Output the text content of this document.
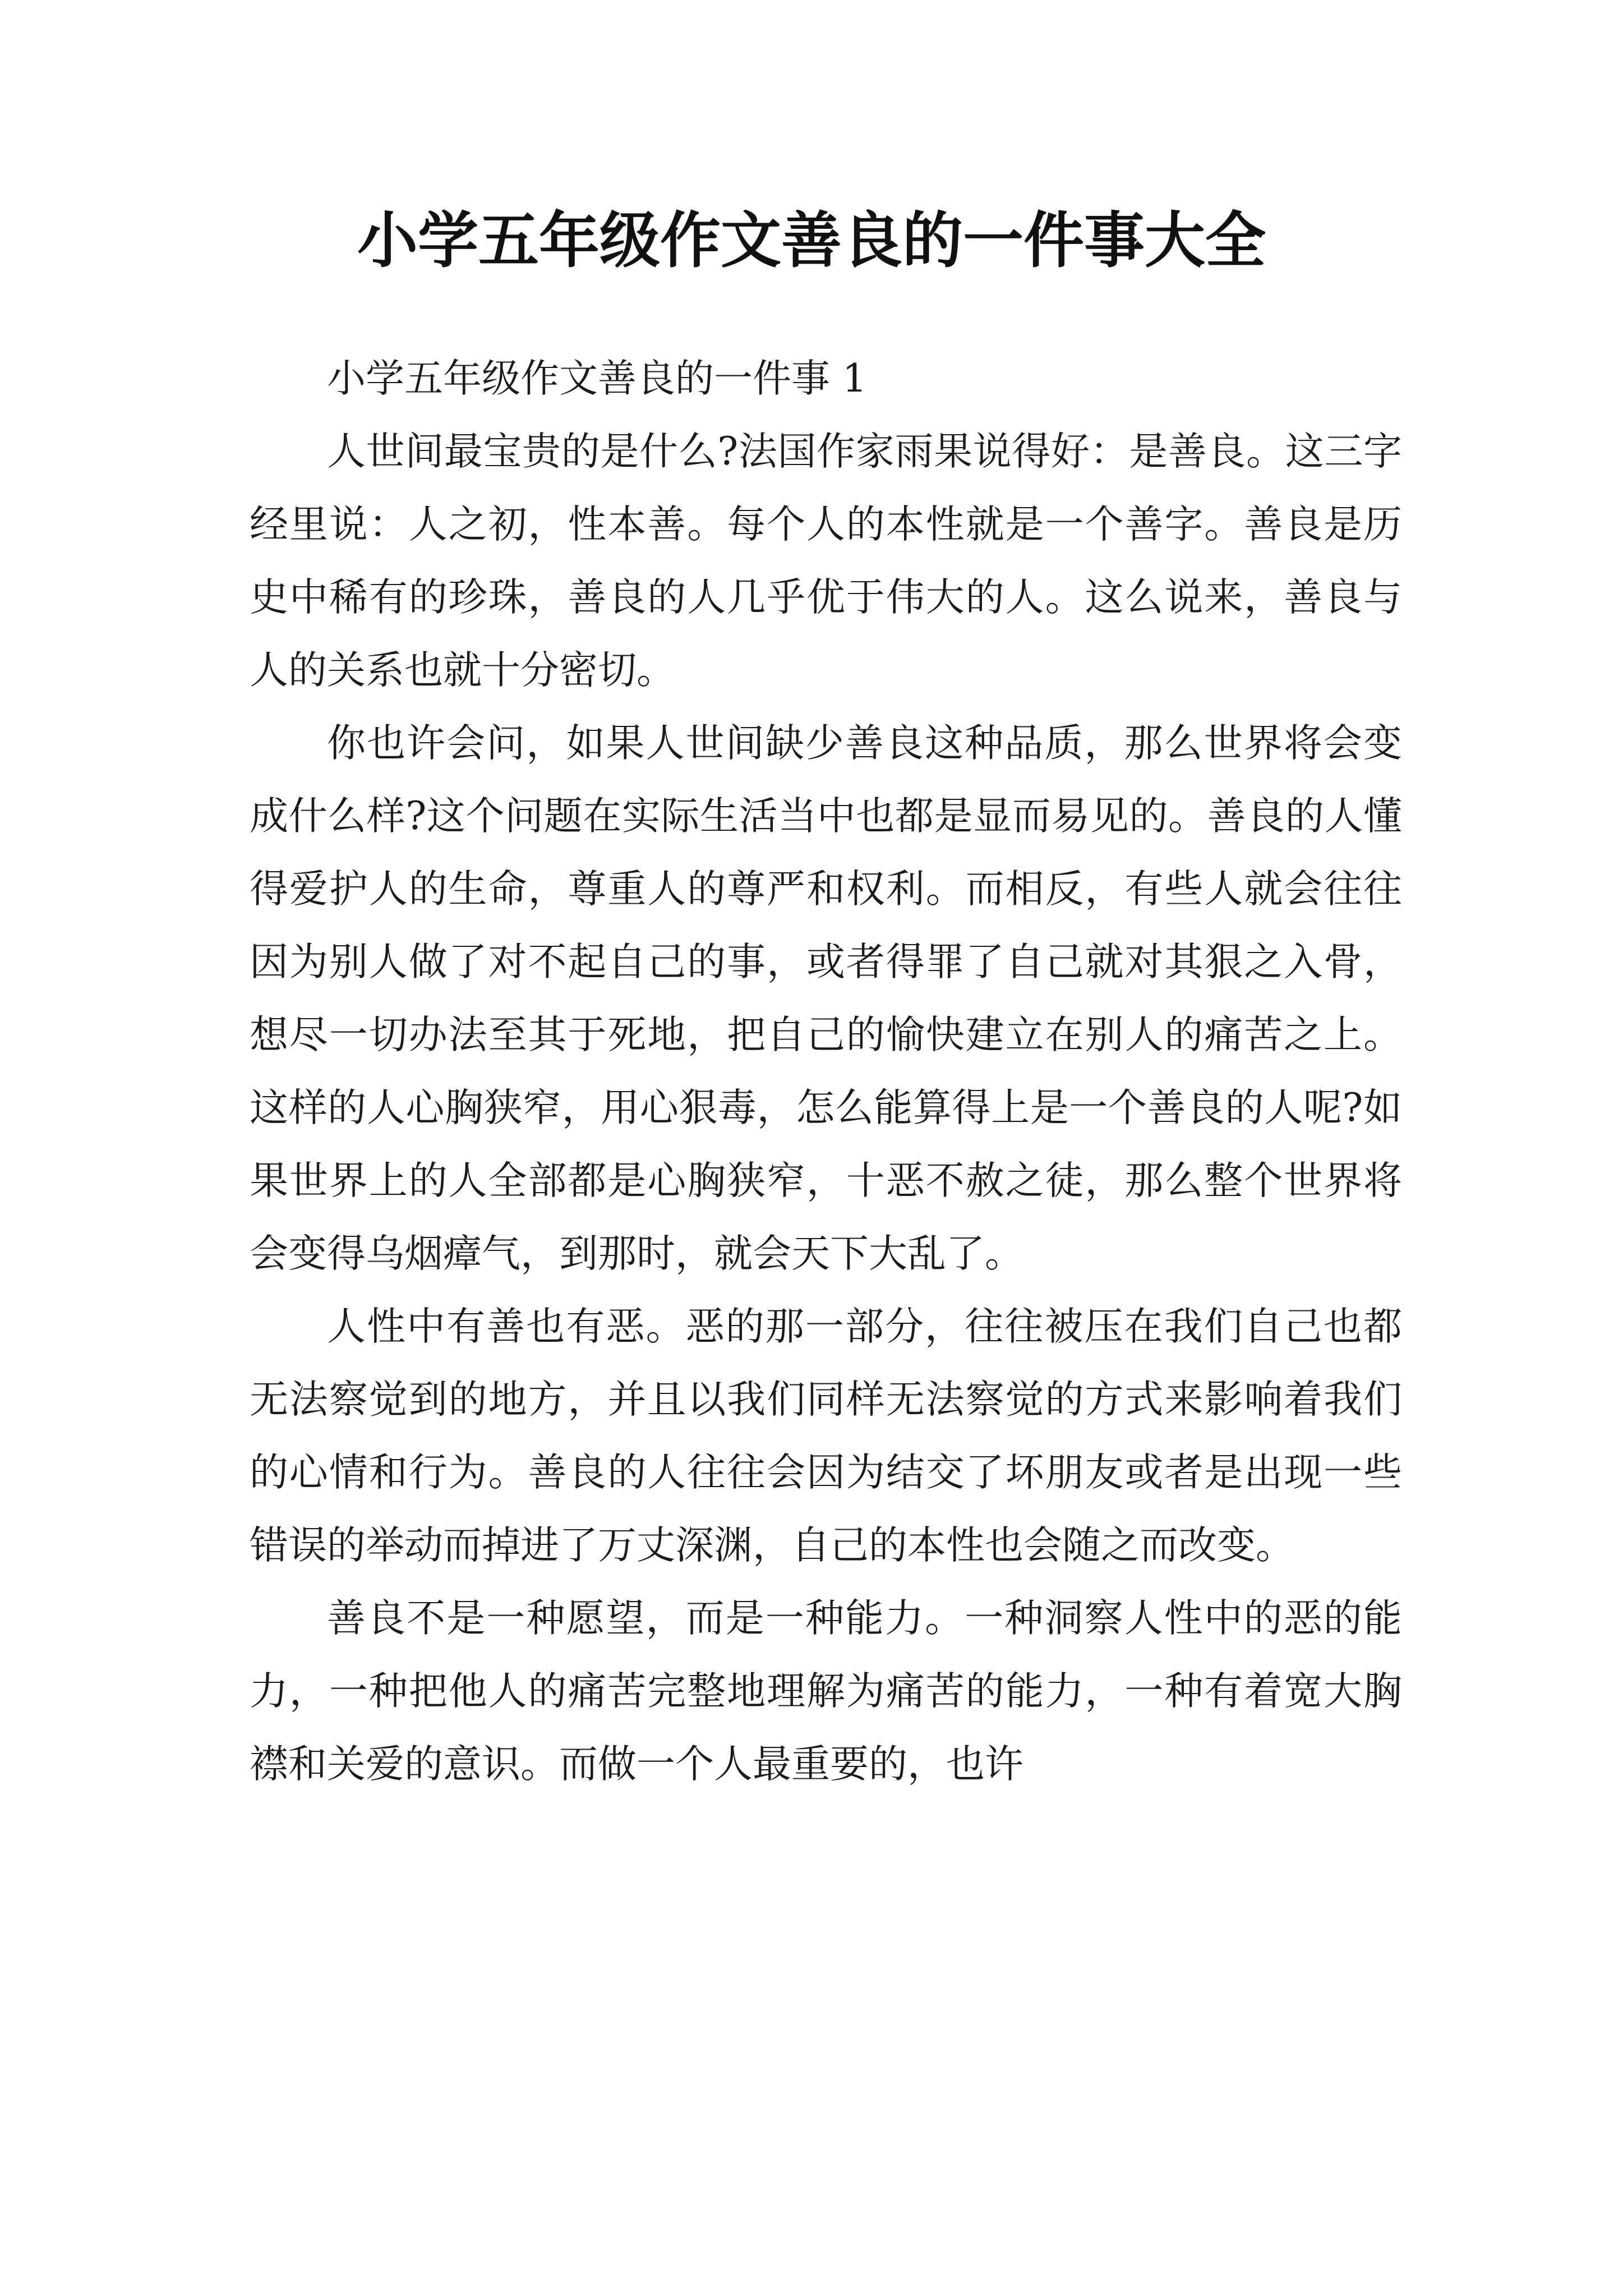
小学五年级作文善良的一件事大全

小学五年级作文善良的一件事 1

人世间最宝贵的是什么?法国作家雨果说得好：是善良。这三字经里说：人之初，性本善。每个人的本性就是一个善字。善良是历史中稀有的珍珠，善良的人几乎优于伟大的人。这么说来，善良与人的关系也就十分密切。

你也许会问，如果人世间缺少善良这种品质，那么世界将会变成什么样?这个问题在实际生活当中也都是显而易见的。善良的人懂得爱护人的生命，尊重人的尊严和权利。而相反，有些人就会往往因为别人做了对不起自己的事，或者得罪了自己就对其狠之入骨，想尽一切办法至其于死地，把自己的愉快建立在别人的痛苦之上。这样的人心胸狭窄，用心狠毒，怎么能算得上是一个善良的人呢?如果世界上的人全部都是心胸狭窄，十恶不赦之徒，那么整个世界将会变得乌烟瘴气，到那时，就会天下大乱了。

人性中有善也有恶。恶的那一部分，往往被压在我们自己也都无法察觉到的地方，并且以我们同样无法察觉的方式来影响着我们的心情和行为。善良的人往往会因为结交了坏朋友或者是出现一些错误的举动而掉进了万丈深渊，自己的本性也会随之而改变。

善良不是一种愿望，而是一种能力。一种洞察人性中的恶的能力，一种把他人的痛苦完整地理解为痛苦的能力，一种有着宽大胸襟和关爱的意识。而做一个人最重要的，也许
